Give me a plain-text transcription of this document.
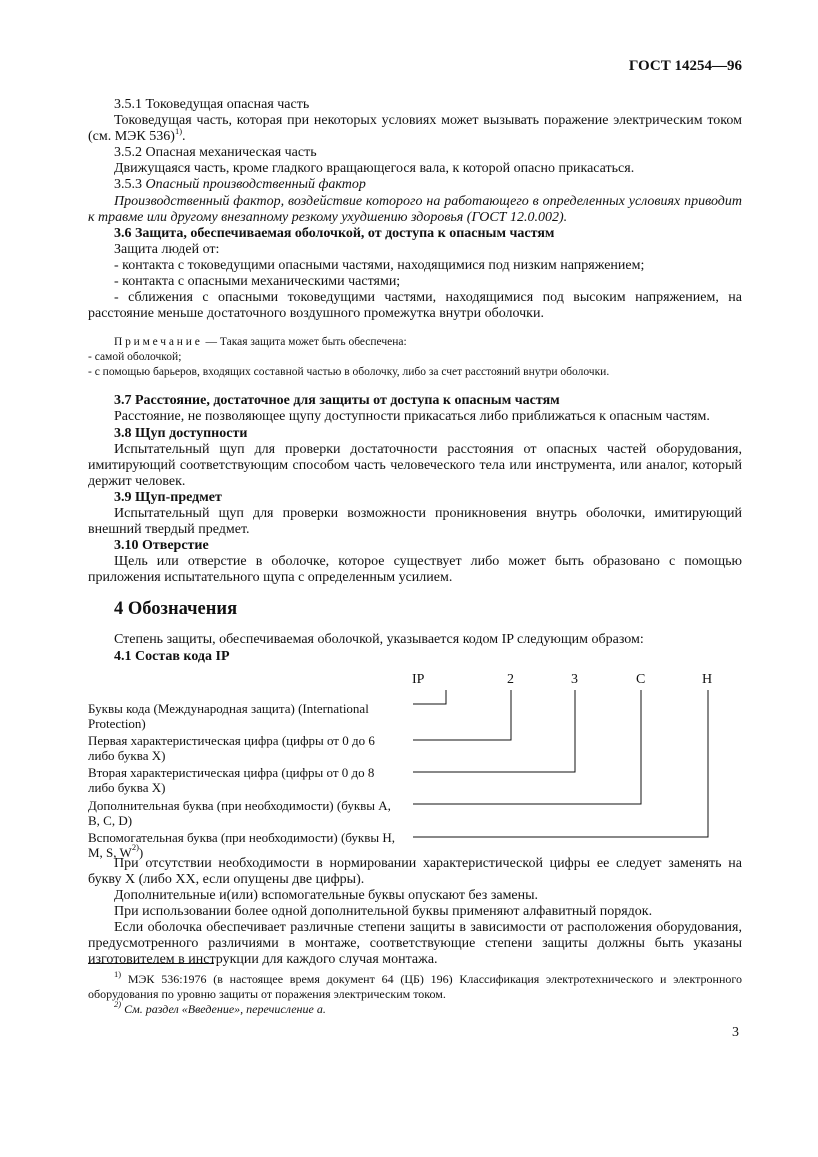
ГОСТ 14254—96

3.5.1 Токоведущая опасная часть

Токоведущая часть, которая при некоторых условиях может вызывать поражение электрическим током (см. МЭК 536)$^{1)}$.

3.5.2 Опасная механическая часть

Движущаяся часть, кроме гладкого вращающегося вала, к которой опасно прикасаться.

3.5.3 Опасный производственный фактор

Производственный фактор, воздействие которого на работающего в определенных условиях приводит к травме или другому внезапному резкому ухудшению здоровья (ГОСТ 12.0.002).

3.6 Защита, обеспечиваемая оболочкой, от доступа к опасным частям

Защита людей от:

- контакта с токоведущими опасными частями, находящимися под низким напряжением;

- контакта с опасными механическими частями;

- сближения с опасными токоведущими частями, находящимися под высоким напряжением, на расстояние меньше достаточного воздушного промежутка внутри оболочки.

Примечание — Такая защита может быть обеспечена:

- самой оболочкой;

- с помощью барьеров, входящих составной частью в оболочку, либо за счет расстояний внутри оболочки.

3.7 Расстояние, достаточное для защиты от доступа к опасным частям

Расстояние, не позволяющее щупу доступности прикасаться либо приближаться к опасным частям.

3.8 Щуп доступности

Испытательный щуп для проверки достаточности расстояния от опасных частей оборудования, имитирующий соответствующим способом часть человеческого тела или инструмента, или аналог, который держит человек.

3.9 Щуп-предмет

Испытательный щуп для проверки возможности проникновения внутрь оболочки, имитирующий внешний твердый предмет.

3.10 Отверстие

Щель или отверстие в оболочке, которое существует либо может быть образовано с помощью приложения испытательного щупа с определенным усилием.

4 Обозначения

Степень защиты, обеспечиваемая оболочкой, указывается кодом IP следующим образом:

4.1 Состав кода IP

IP	2	3	C	H
Буквы кода (Международная защита) (International Protection)
Первая характеристическая цифра (цифры от 0 до 6 либо буква X)
Вторая характеристическая цифра (цифры от 0 до 8 либо буква X)
Дополнительная буква (при необходимости) (буквы A, B, C, D)
Вспомогательная буква (при необходимости) (буквы H, M, S, $W^{2)}$)

При отсутствии необходимости в нормировании характеристической цифры ее следует заменять на букву X (либо XX, если опущены две цифры).

Дополнительные и(или) вспомогательные буквы опускают без замены.

При использовании более одной дополнительной буквы применяют алфавитный порядок.

Если оболочка обеспечивает различные степени защиты в зависимости от расположения оборудования, предусмотренного различиями в монтаже, соответствующие степени защиты должны быть указаны изготовителем в инструкции для каждого случая монтажа.

$^{1)}$ МЭК 536:1976 (в настоящее время документ 64 (ЦБ) 196) Классификация электротехнического и электронного оборудования по уровню защиты от поражения электрическим током.

$^{2)}$ См. раздел «Введение», перечисление а.

3
